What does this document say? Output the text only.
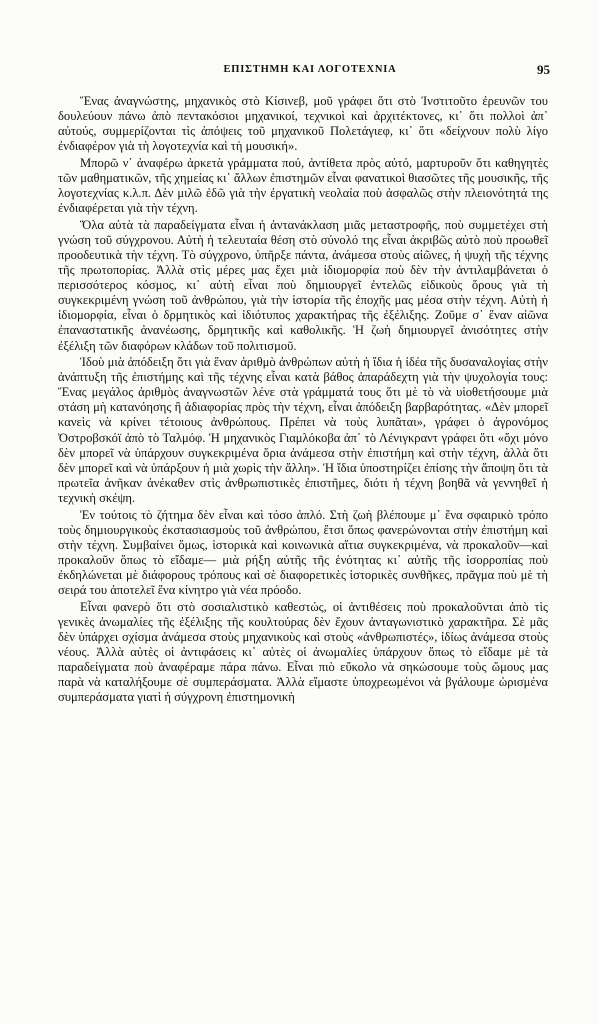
ΕΠΙΣΤΗΜΗ ΚΑΙ ΛΟΓΟΤΕΧΝΙΑ	95

Ἕνας ἀναγνώστης, μηχανικὸς στὸ Κίσινεβ, μοῦ γράφει ὅτι στὸ Ἰνστιτοῦτο ἐρευνῶν του δουλεύουν πάνω ἀπὸ πεντακόσιοι μηχανικοί, τεχνικοὶ καὶ ἀρχιτέκτονες, κι᾽ ὅτι πολλοὶ ἀπ᾽ αὐτούς, συμμερίζονται τὶς ἀπόψεις τοῦ μηχανικοῦ Πολετάγιεφ, κι᾽ ὅτι «δείχνουν πολὺ λίγο ἐνδιαφέρον γιὰ τὴ λογοτεχνία καὶ τὴ μουσική».

Μπορῶ ν᾽ ἀναφέρω ἀρκετὰ γράμματα πού, ἀντίθετα πρὸς αὐτό, μαρτυροῦν ὅτι καθηγητὲς τῶν μαθηματικῶν, τῆς χημείας κι᾽ ἄλλων ἐπιστημῶν εἶναι φανατικοὶ θιασῶτες τῆς μουσικῆς, τῆς λογοτεχνίας κ.λ.π. Δὲν μιλῶ ἐδῶ γιὰ τὴν ἐργατικὴ νεολαία ποὺ ἀσφαλῶς στὴν πλειονότητά της ἐνδιαφέρεται γιὰ τὴν τέχνη.

Ὅλα αὐτὰ τὰ παραδείγματα εἶναι ἡ ἀντανάκλαση μιᾶς μεταστροφῆς, ποὺ συμμετέχει στὴ γνώση τοῦ σύγχρονου. Αὐτὴ ἡ τελευταία θέση στὸ σύνολό της εἶναι ἀκριβῶς αὐτὸ ποὺ προωθεῖ προοδευτικὰ τὴν τέχνη. Τὸ σύγχρονο, ὑπῆρξε πάντα, ἀνάμεσα στοὺς αἰῶνες, ἡ ψυχὴ τῆς τέχνης τῆς πρωτοπορίας. Ἀλλὰ στὶς μέρες μας ἔχει μιὰ ἰδιομορφία ποὺ δὲν τὴν ἀντιλαμβάνεται ὁ περισσότερος κόσμος, κι᾽ αὐτὴ εἶναι ποὺ δημιουργεῖ ἐντελῶς εἰδικοὺς ὅρους γιὰ τὴ συγκεκριμένη γνώση τοῦ ἀνθρώπου, γιὰ τὴν ἱστορία τῆς ἐποχῆς μας μέσα στὴν τέχνη. Αὐτὴ ἡ ἰδιομορφία, εἶναι ὁ δρμητικὸς καὶ ἰδιότυπος χαρακτήρας τῆς ἐξέλιξης. Ζοῦμε σ᾽ ἕναν αἰῶνα ἐπαναστατικῆς ἀνανέωσης, δρμητικῆς καὶ καθολικῆς. Ἡ ζωὴ δημιουργεῖ ἀνισότητες στὴν ἐξέλιξη τῶν διαφόρων κλάδων τοῦ πολιτισμοῦ.

Ἰδοὺ μιὰ ἀπόδειξη ὅτι γιὰ ἕναν ἀριθμὸ ἀνθρώπων αὐτὴ ἡ ἴδια ἡ ἰδέα τῆς δυσαναλογίας στὴν ἀνάπτυξη τῆς ἐπιστήμης καὶ τῆς τέχνης εἶναι κατὰ βάθος ἀπαράδεχτη γιὰ τὴν ψυχολογία τους: Ἕνας μεγάλος ἀριθμὸς ἀναγνωστῶν λένε στὰ γράμματά τους ὅτι μὲ τὸ νὰ υἱοθετήσουμε μιὰ στάση μὴ κατανόησης ἢ ἀδιαφορίας πρὸς τὴν τέχνη, εἶναι ἀπόδειξη βαρβαρότητας. «Δὲν μπορεῖ κανεὶς νὰ κρίνει τέτοιους ἀνθρώπους. Πρέπει νὰ τοὺς λυπᾶται», γράφει ὁ ἀγρονόμος Ὀστροβσκόϊ ἀπὸ τὸ Ταλμόφ. Ἡ μηχανικὸς Γιαμλόκοβα ἀπ᾽ τὸ Λένιγκραντ γράφει ὅτι «ὄχι μόνο δὲν μπορεῖ νὰ ὑπάρχουν συγκεκριμένα ὅρια ἀνάμεσα στὴν ἐπιστήμη καὶ στὴν τέχνη, ἀλλὰ ὅτι δὲν μπορεῖ καὶ νὰ ὑπάρξουν ἡ μιὰ χωρὶς τὴν ἄλλη». Ἡ ἴδια ὑποστηρίζει ἐπίσης τὴν ἄποψη ὅτι τὰ πρωτεῖα ἀνῆκαν ἀνέκαθεν στὶς ἀνθρωπιστικὲς ἐπιστῆμες, διότι ἡ τέχνη βοηθᾶ νὰ γεννηθεῖ ἡ τεχνικὴ σκέψη.

Ἐν τούτοις τὸ ζήτημα δὲν εἶναι καὶ τόσο ἁπλό. Στὴ ζωὴ βλέπουμε μ᾽ ἕνα σφαιρικὸ τρόπο τοὺς δημιουργικοὺς ἐκστασιασμοὺς τοῦ ἀνθρώπου, ἔτσι ὅπως φανερώνονται στὴν ἐπιστήμη καὶ στὴν τέχνη. Συμβαίνει ὅμως, ἱστορικὰ καὶ κοινωνικὰ αἴτια συγκεκριμένα, νὰ προκαλοῦν—καὶ προκαλοῦν ὅπως τὸ εἴδαμε— μιὰ ρήξη αὐτῆς τῆς ἑνότητας κι᾽ αὐτῆς τῆς ἰσορροπίας ποὺ ἐκδηλώνεται μὲ διάφορους τρόπους καὶ σὲ διαφορετικὲς ἱστορικὲς συνθῆκες, πρᾶγμα ποὺ μὲ τὴ σειρά του ἀποτελεῖ ἕνα κίνητρο γιὰ νέα πρόοδο.

Εἶναι φανερὸ ὅτι στὸ σοσιαλιστικὸ καθεστώς, οἱ ἀντιθέσεις ποὺ προκαλοῦνται ἀπὸ τὶς γενικὲς ἀνωμαλίες τῆς ἐξέλιξης τῆς κουλτούρας δὲν ἔχουν ἀνταγωνιστικὸ χαρακτῆρα. Σὲ μᾶς δὲν ὑπάρχει σχίσμα ἀνάμεσα στοὺς μηχανικοὺς καὶ στοὺς «ἀνθρωπιστές», ἰδίως ἀνάμεσα στοὺς νέους. Ἀλλὰ αὐτὲς οἱ ἀντιφάσεις κι᾽ αὐτὲς οἱ ἀνωμαλίες ὑπάρχουν ὅπως τὸ εἴδαμε μὲ τὰ παραδείγματα ποὺ ἀναφέραμε πάρα πάνω. Εἶναι πιὸ εὔκολο νὰ σηκώσουμε τοὺς ὤμους μας παρὰ νὰ καταλήξουμε σὲ συμπεράσματα. Ἀλλὰ εἴμαστε ὑποχρεωμένοι νὰ βγάλουμε ὡρισμένα συμπεράσματα γιατὶ ἡ σύγχρονη ἐπιστημονικὴ
